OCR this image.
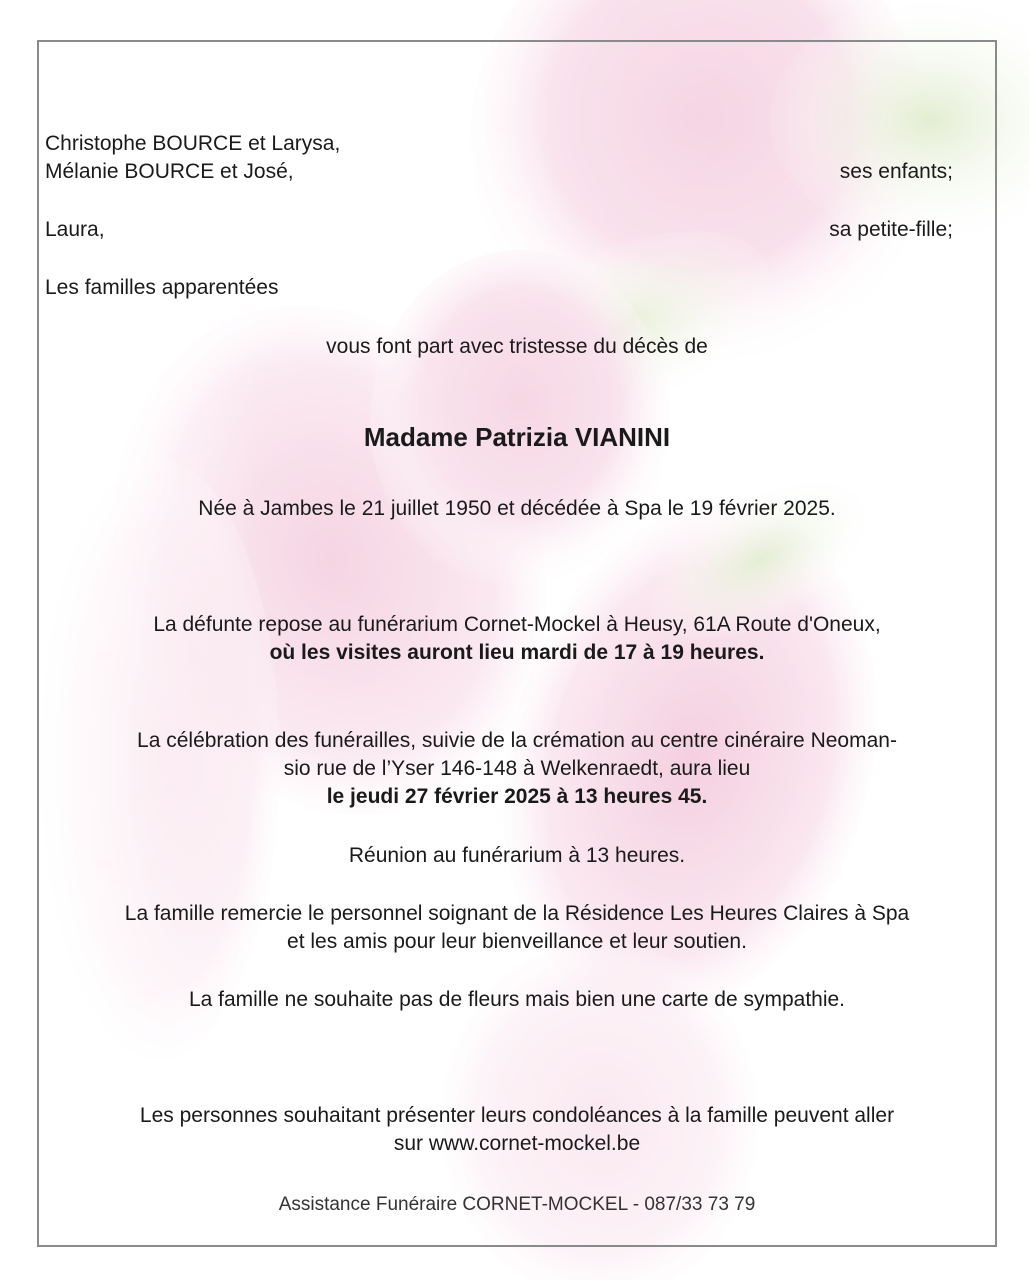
Christophe BOURCE et Larysa,
Mélanie BOURCE et José,	ses enfants;
Laura,	sa petite-fille;
Les familles apparentées
vous font part avec tristesse du décès de
Madame Patrizia VIANINI
Née à Jambes le 21 juillet 1950 et décédée à Spa le 19 février 2025.
La défunte repose au funérarium Cornet-Mockel à Heusy, 61A Route d'Oneux,
où les visites auront lieu mardi de 17 à 19 heures.
La célébration des funérailles, suivie de la crémation au centre cinéraire Neoman-
sio rue de l’Yser 146-148 à Welkenraedt, aura lieu
le jeudi 27 février 2025 à 13 heures 45.
Réunion au funérarium à 13 heures.
La famille remercie le personnel soignant de la Résidence Les Heures Claires à Spa
et les amis pour leur bienveillance et leur soutien.
La famille ne souhaite pas de fleurs mais bien une carte de sympathie.
Les personnes souhaitant présenter leurs condoléances à la famille peuvent aller
sur www.cornet-mockel.be
Assistance Funéraire CORNET-MOCKEL - 087/33 73 79
